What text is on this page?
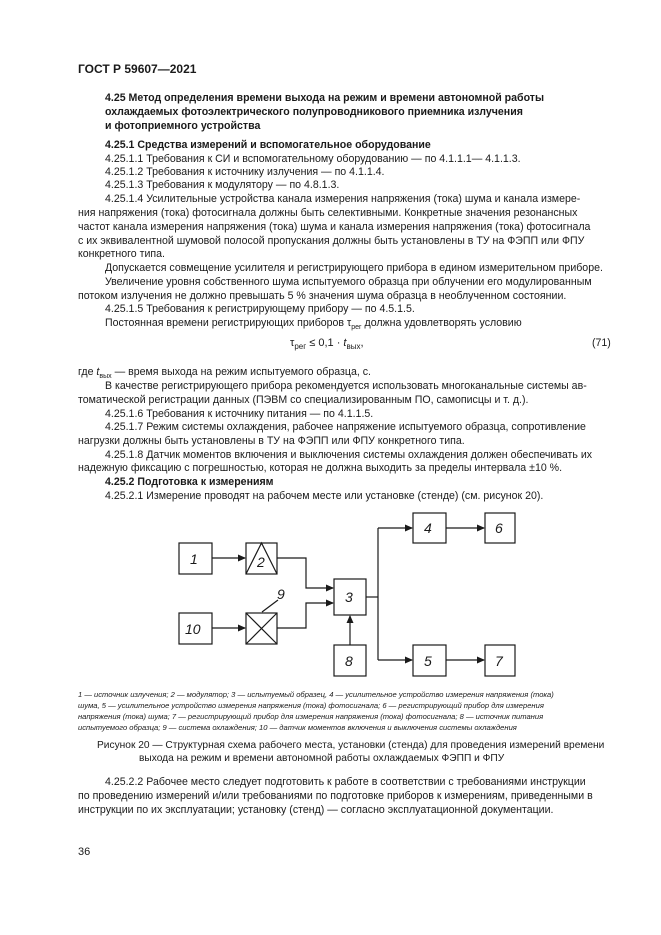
ГОСТ Р 59607—2021
4.25 Метод определения времени выхода на режим и времени автономной работы
охлаждаемых фотоэлектрического полупроводникового приемника излучения
и фотоприемного устройства
4.25.1 Средства измерений и вспомогательное оборудование
4.25.1.1 Требования к СИ и вспомогательному оборудованию — по 4.1.1.1— 4.1.1.3.
4.25.1.2 Требования к источнику излучения — по 4.1.1.4.
4.25.1.3 Требования к модулятору — по 4.8.1.3.
4.25.1.4 Усилительные устройства канала измерения напряжения (тока) шума и канала измере-
ния напряжения (тока) фотосигнала должны быть селективными. Конкретные значения резонансных
частот канала измерения напряжения (тока) шума и канала измерения напряжения (тока) фотосигнала
с их эквивалентной шумовой полосой пропускания должны быть установлены в ТУ на ФЭПП или ФПУ
конкретного типа.
Допускается совмещение усилителя и регистрирующего прибора в едином измерительном приборе.
Увеличение уровня собственного шума испытуемого образца при облучении его модулированным
потоком излучения не должно превышать 5 % значения шума образца в необлученном состоянии.
4.25.1.5 Требования к регистрирующему прибору — по 4.5.1.5.
Постоянная времени регистрирующих приборов $\tau_{рег}$ должна удовлетворять условию
$\tau_{рег} \le 0,1 \cdot t_{вых}$,	(71)
где $t_{вых}$ — время выхода на режим испытуемого образца, с.
В качестве регистрирующего прибора рекомендуется использовать многоканальные системы ав-
томатической регистрации данных (ПЭВМ со специализированным ПО, самописцы и т. д.).
4.25.1.6 Требования к источнику питания — по 4.1.1.5.
4.25.1.7 Режим системы охлаждения, рабочее напряжение испытуемого образца, сопротивление
нагрузки должны быть установлены в ТУ на ФЭПП или ФПУ конкретного типа.
4.25.1.8 Датчик моментов включения и выключения системы охлаждения должен обеспечивать их
надежную фиксацию с погрешностью, которая не должна выходить за пределы интервала ±10 %.
4.25.2 Подготовка к измерениям
4.25.2.1 Измерение проводят на рабочем месте или установке (стенде) (см. рисунок 20).
1	2
3
4
5
6
7
8
9
10
1 — источник излучения; 2 — модулятор; 3 — испытуемый образец, 4 — усилительное устройство измерения напряжения (тока)
шума, 5 — усилительное устройство измерения напряжения (тока) фотосигнала; 6 — регистрирующий прибор для измерения
напряжения (тока) шума; 7 — регистрирующий прибор для измерения напряжения (тока) фотосигнала; 8 — источник питания
испытуемого образца; 9 — система охлаждения; 10 — датчик моментов включения и выключения системы охлаждения
Рисунок 20 — Структурная схема рабочего места, установки (стенда) для проведения измерений времени
выхода на режим и времени автономной работы охлаждаемых ФЭПП и ФПУ
4.25.2.2 Рабочее место следует подготовить к работе в соответствии с требованиями инструкции
по проведению измерений и/или требованиями по подготовке приборов к измерениям, приведенными в
инструкции по их эксплуатации; установку (стенд) — согласно эксплуатационной документации.
36
